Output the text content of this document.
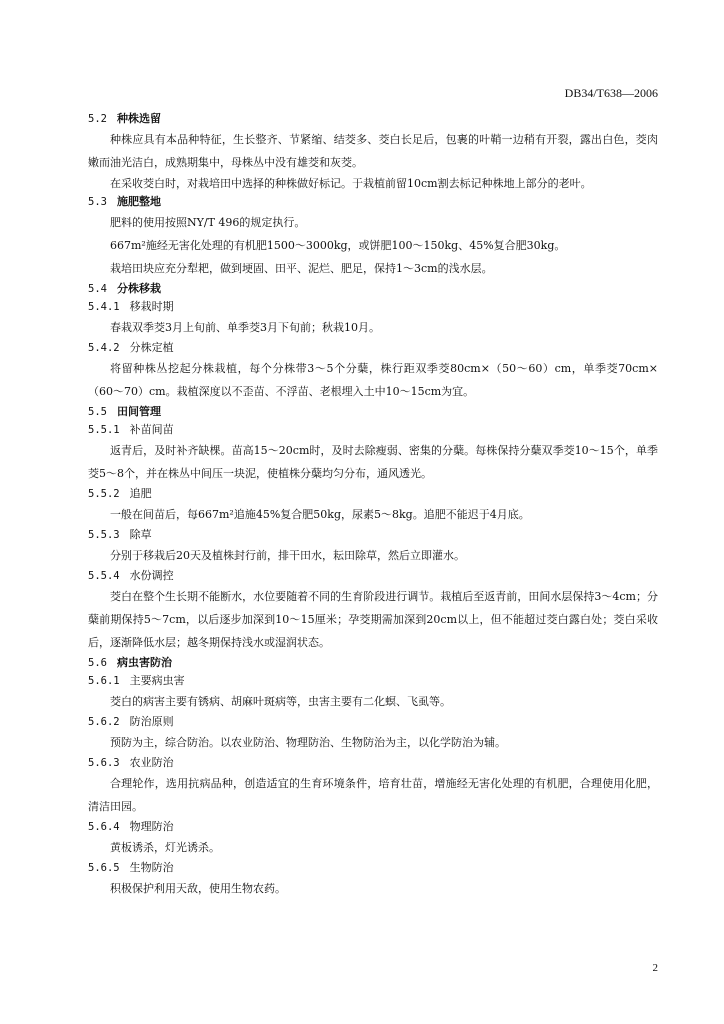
DB34/T638—2006
5.2 种株选留

种株应具有本品种特征，生长整齐、节紧缩、结茭多、茭白长足后，包裹的叶鞘一边稍有开裂，露出白色，茭肉嫩而油光洁白，成熟期集中，母株丛中没有雄茭和灰茭。

在采收茭白时，对栽培田中选择的种株做好标记。于栽植前留10cm割去标记种株地上部分的老叶。

5.3 施肥整地

肥料的使用按照NY/T 496的规定执行。

667m²施经无害化处理的有机肥1500～3000kg，或饼肥100～150kg、45%复合肥30kg。

栽培田块应充分犁耙，做到埂固、田平、泥烂、肥足，保持1～3cm的浅水层。

5.4 分株移栽
5.4.1 移栽时期

春栽双季茭3月上旬前、单季茭3月下旬前；秋栽10月。

5.4.2 分株定植

将留种株丛挖起分株栽植，每个分株带3～5个分蘖，株行距双季茭80cm×（50～60）cm，单季茭70cm×（60～70）cm。栽植深度以不歪苗、不浮苗、老根埋入土中10～15cm为宜。

5.5 田间管理
5.5.1 补苗间苗

返青后，及时补齐缺棵。苗高15～20cm时，及时去除瘦弱、密集的分蘖。每株保持分蘖双季茭10～15个，单季茭5～8个，并在株丛中间压一块泥，使植株分蘖均匀分布，通风透光。

5.5.2 追肥

一般在间苗后，每667m²追施45%复合肥50kg，尿素5～8kg。追肥不能迟于4月底。

5.5.3 除草

分别于移栽后20天及植株封行前，排干田水，耘田除草，然后立即灌水。

5.5.4 水份调控

茭白在整个生长期不能断水，水位要随着不同的生育阶段进行调节。栽植后至返青前，田间水层保持3～4cm；分蘖前期保持5～7cm，以后逐步加深到10～15厘米；孕茭期需加深到20cm以上，但不能超过茭白露白处；茭白采收后，逐渐降低水层；越冬期保持浅水或湿润状态。

5.6 病虫害防治
5.6.1 主要病虫害

茭白的病害主要有锈病、胡麻叶斑病等，虫害主要有二化螟、飞虱等。

5.6.2 防治原则

预防为主，综合防治。以农业防治、物理防治、生物防治为主，以化学防治为辅。

5.6.3 农业防治

合理轮作，选用抗病品种，创造适宜的生育环境条件，培育壮苗，增施经无害化处理的有机肥，合理使用化肥，清洁田园。

5.6.4 物理防治

黄板诱杀，灯光诱杀。

5.6.5 生物防治

积极保护利用天敌，使用生物农药。

2
